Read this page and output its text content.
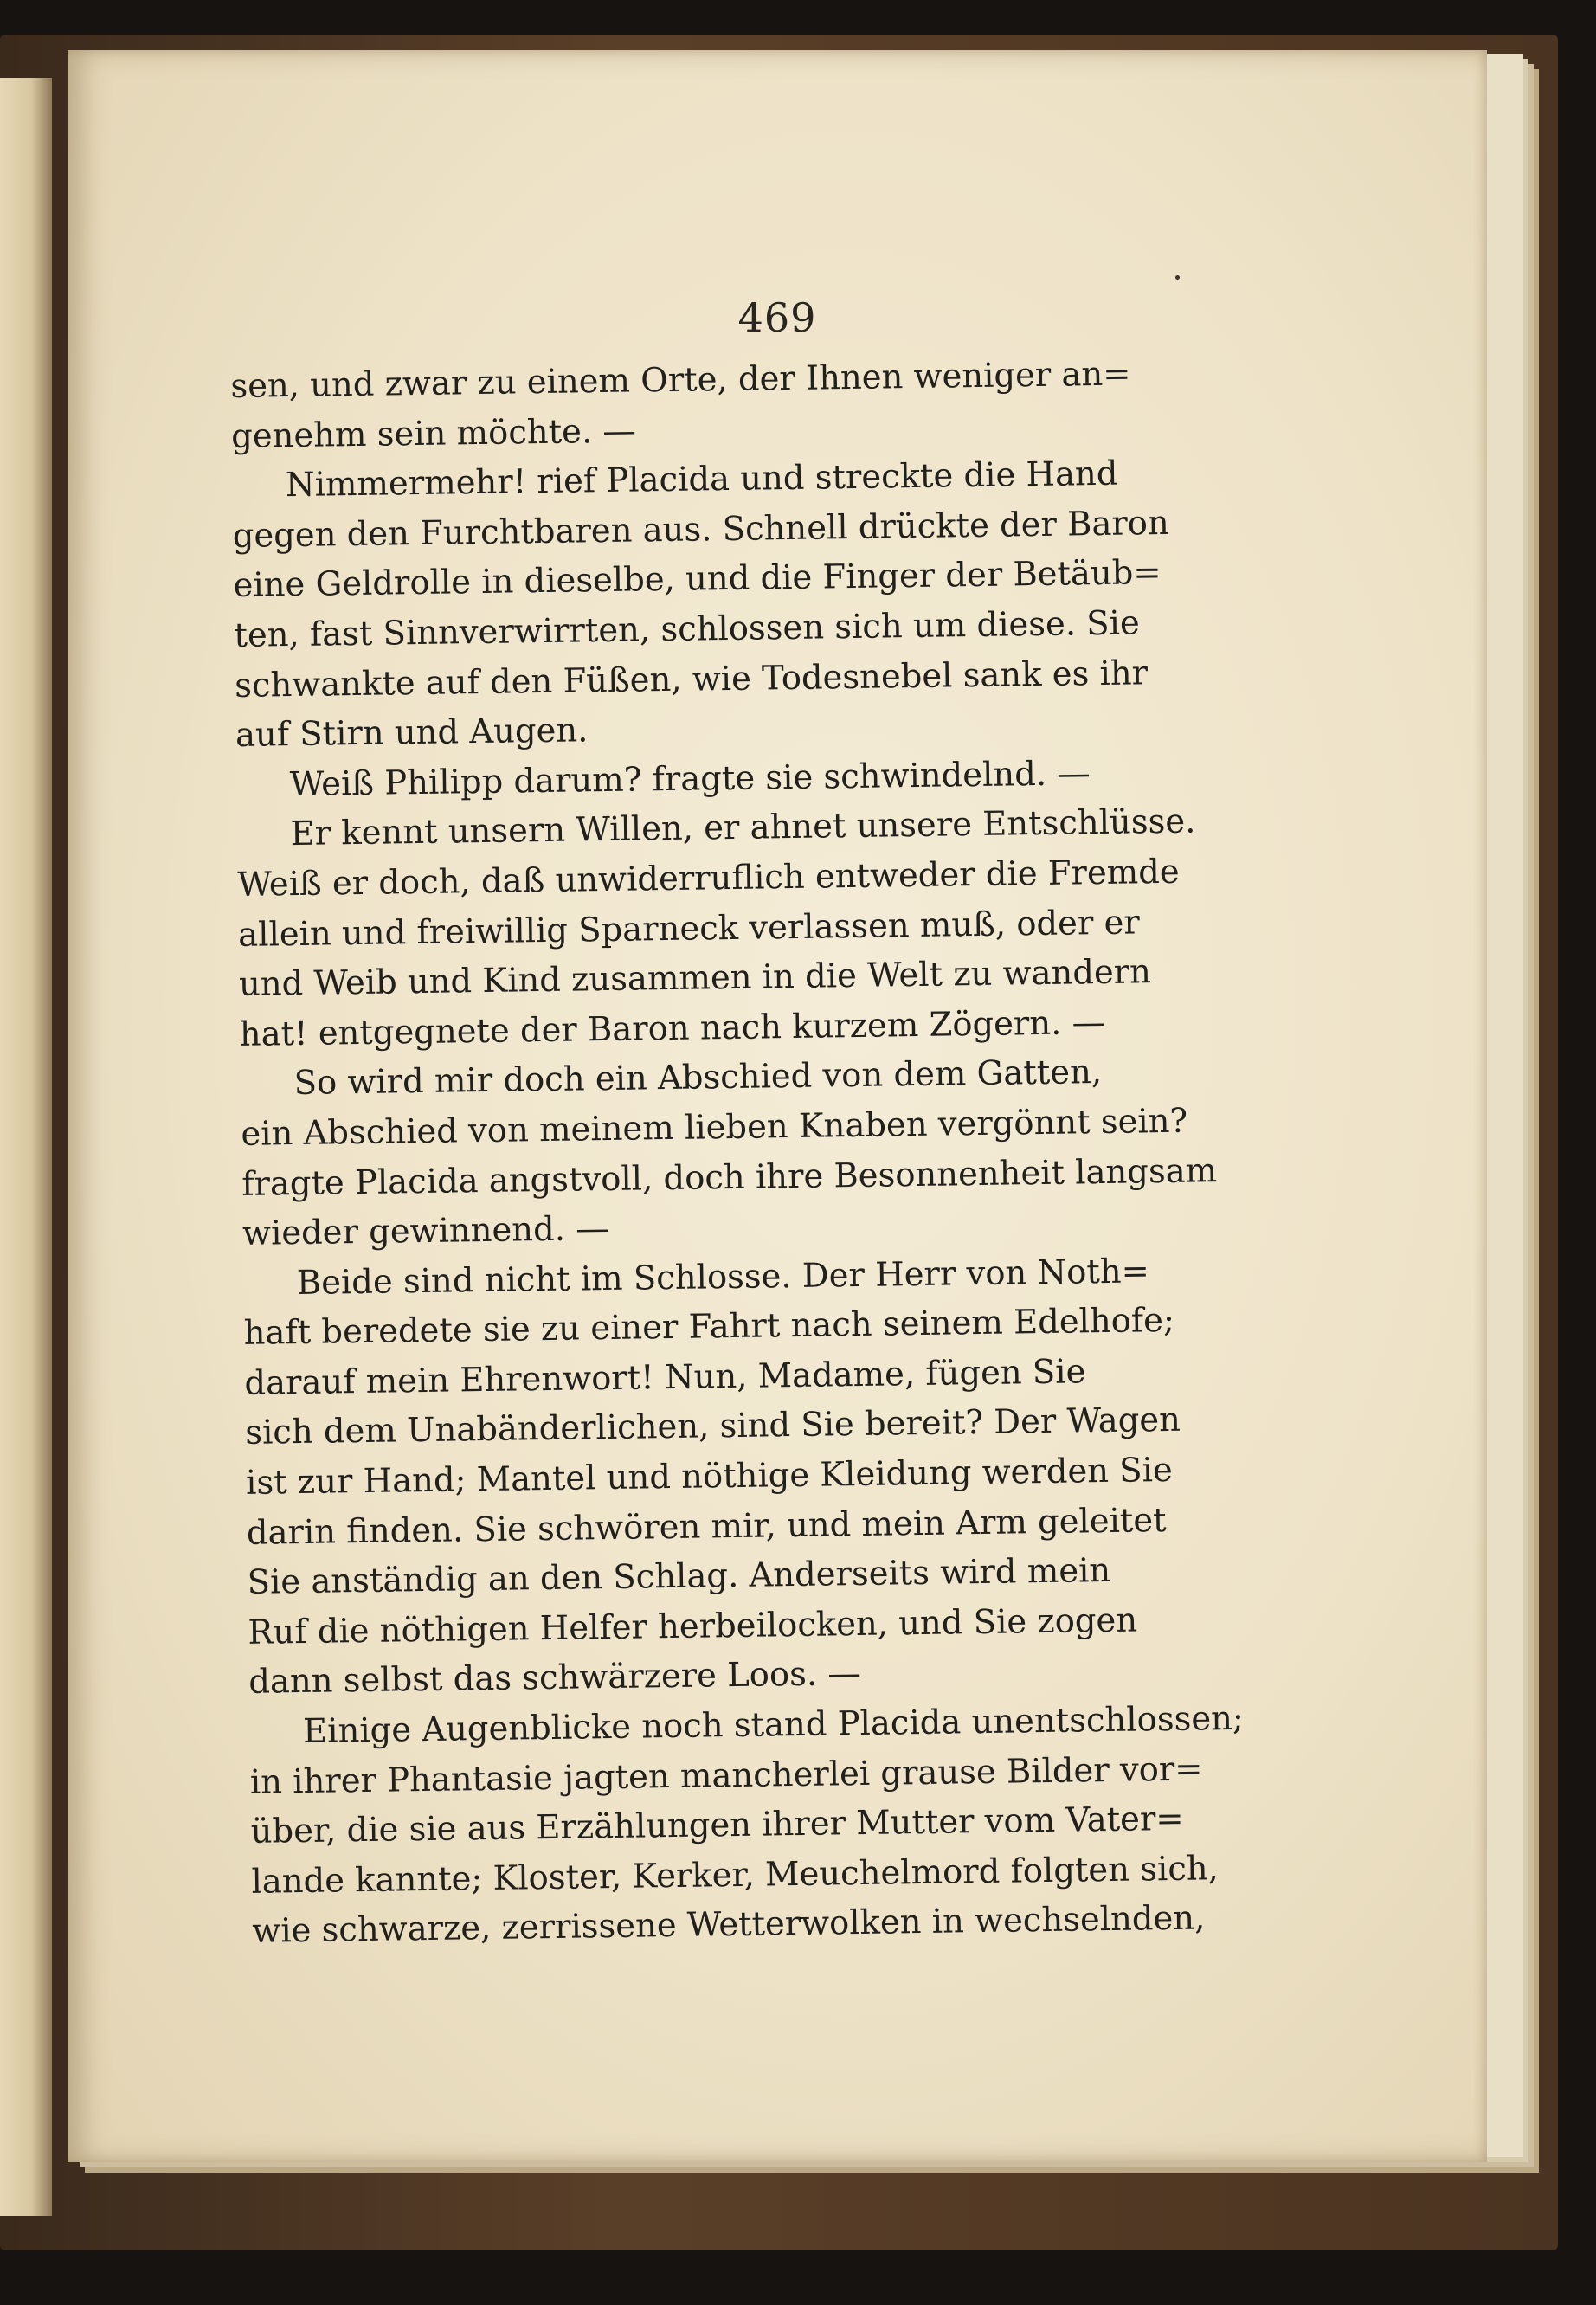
469
sen, und zwar zu einem Orte, der Ihnen weniger an=
genehm sein möchte. —
Nimmermehr! rief Placida und streckte die Hand
gegen den Furchtbaren aus. Schnell drückte der Baron
eine Geldrolle in dieselbe, und die Finger der Betäub=
ten, fast Sinnverwirrten, schlossen sich um diese. Sie
schwankte auf den Füßen, wie Todesnebel sank es ihr
auf Stirn und Augen.
Weiß Philipp darum? fragte sie schwindelnd. —
Er kennt unsern Willen, er ahnet unsere Entschlüsse.
Weiß er doch, daß unwiderruflich entweder die Fremde
allein und freiwillig Sparneck verlassen muß, oder er
und Weib und Kind zusammen in die Welt zu wandern
hat! entgegnete der Baron nach kurzem Zögern. —
So wird mir doch ein Abschied von dem Gatten,
ein Abschied von meinem lieben Knaben vergönnt sein?
fragte Placida angstvoll, doch ihre Besonnenheit langsam
wieder gewinnend. —
Beide sind nicht im Schlosse. Der Herr von Noth=
haft beredete sie zu einer Fahrt nach seinem Edelhofe;
darauf mein Ehrenwort! Nun, Madame, fügen Sie
sich dem Unabänderlichen, sind Sie bereit? Der Wagen
ist zur Hand; Mantel und nöthige Kleidung werden Sie
darin finden. Sie schwören mir, und mein Arm geleitet
Sie anständig an den Schlag. Anderseits wird mein
Ruf die nöthigen Helfer herbeilocken, und Sie zogen
dann selbst das schwärzere Loos. —
Einige Augenblicke noch stand Placida unentschlossen;
in ihrer Phantasie jagten mancherlei grause Bilder vor=
über, die sie aus Erzählungen ihrer Mutter vom Vater=
lande kannte; Kloster, Kerker, Meuchelmord folgten sich,
wie schwarze, zerrissene Wetterwolken in wechselnden,
